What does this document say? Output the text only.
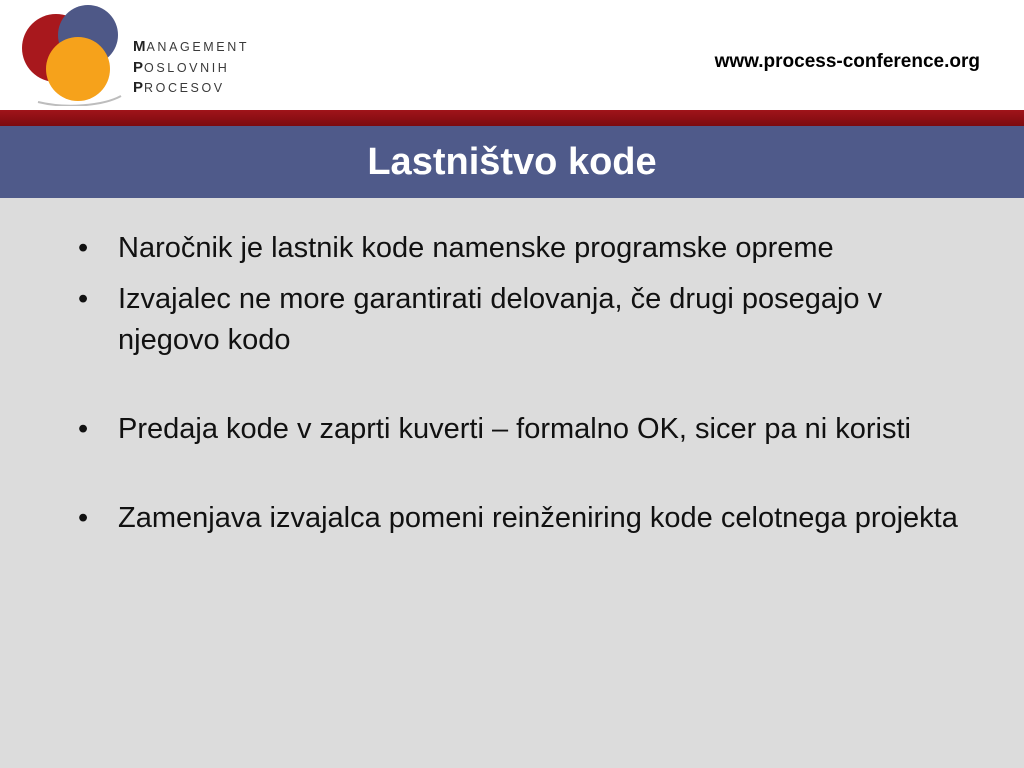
MANAGEMENT
POSLOVNIH
PROCESOV
www.process-conference.org
Lastništvo kode
• Naročnik je lastnik kode namenske programske opreme
• Izvajalec ne more garantirati delovanja, če drugi posegajo v njegovo kodo
• Predaja kode v zaprti kuverti – formalno OK, sicer pa ni koristi
• Zamenjava izvajalca pomeni reinženiring kode celotnega projekta
